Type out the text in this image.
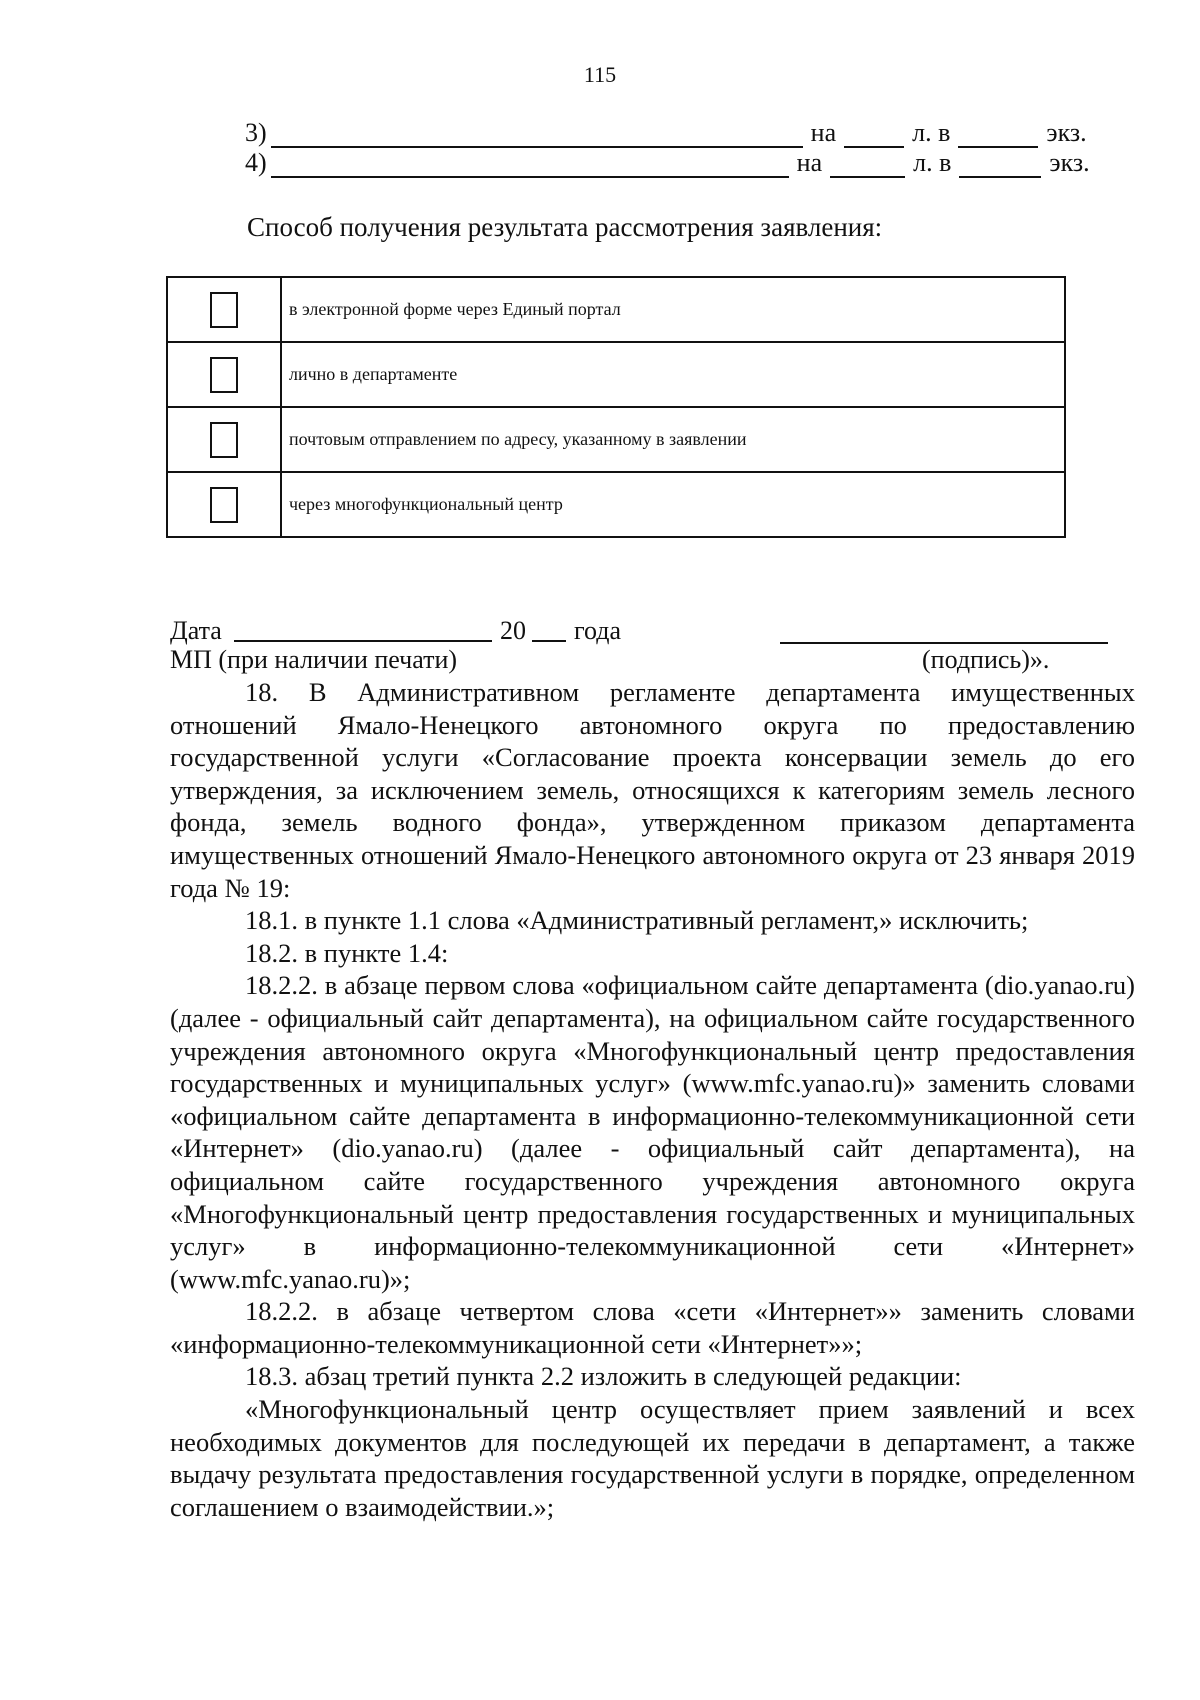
115
3)	на	л. в	экз.
4)	на	л. в	экз.
Способ получения результата рассмотрения заявления:
	в электронной форме через Единый портал
	лично в департаменте
	почтовым отправлением по адресу, указанному в заявлении
	через многофункциональный центр
Дата	20 года
МП (при наличии печати)	(подпись)».

18. В Административном регламенте департамента имущественных отношений Ямало-Ненецкого автономного округа по предоставлению государственной услуги «Согласование проекта консервации земель до его утверждения, за исключением земель, относящихся к категориям земель лесного фонда, земель водного фонда», утвержденном приказом департамента имущественных отношений Ямало-Ненецкого автономного округа от 23 января 2019 года № 19:

18.1. в пункте 1.1 слова «Административный регламент,» исключить;

18.2. в пункте 1.4:

18.2.2. в абзаце первом слова «официальном сайте департамента (dio.yanao.ru) (далее - официальный сайт департамента), на официальном сайте государственного учреждения автономного округа «Многофункциональный центр предоставления государственных и муниципальных услуг» (www.mfc.yanao.ru)» заменить словами «официальном сайте департамента в информационно-телекоммуникационной сети «Интернет» (dio.yanao.ru) (далее - официальный сайт департамента), на официальном сайте государственного учреждения автономного округа «Многофункциональный центр предоставления государственных и муниципальных услуг» в информационно-телекоммуникационной сети «Интернет» (www.mfc.yanao.ru)»;

18.2.2. в абзаце четвертом слова «сети «Интернет»» заменить словами «информационно-телекоммуникационной сети «Интернет»»;

18.3. абзац третий пункта 2.2 изложить в следующей редакции:

«Многофункциональный центр осуществляет прием заявлений и всех необходимых документов для последующей их передачи в департамент, а также выдачу результата предоставления государственной услуги в порядке, определенном соглашением о взаимодействии.»;
